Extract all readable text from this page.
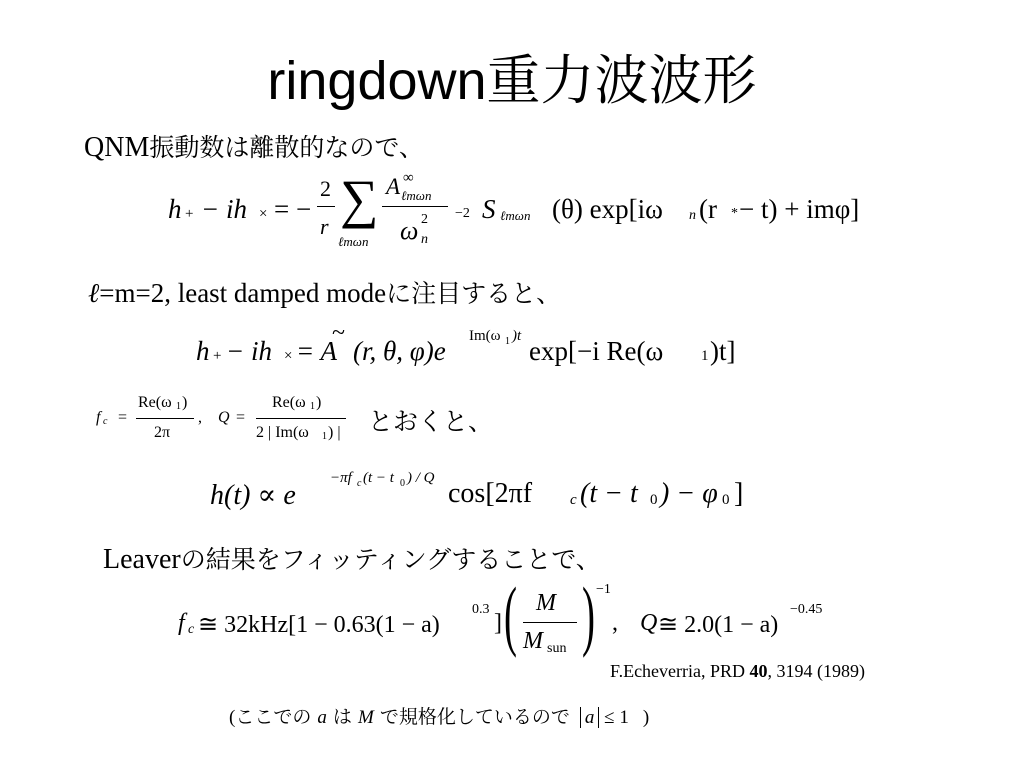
ringdown重力波波形
QNM振動数は離散的なので、
h + − ih × = −
2
r ∑
ℓmωn
A ∞
ℓmωn
ω 2
n
−2 S ℓmωn (θ) exp[iω n (r * − t) + imφ]
ℓ=m=2, least damped modeに注目すると、
h + − ih × = A
~
(r, θ, φ)e Im(ω 1 )t exp[−i Re(ω	1 )t]
f c =
Re(ω 1 )
2π
, Q =
Re(ω 1 )
2 | Im(ω 1 ) | とおくと、
h(t) ∝ e
−πf c (t − t 0 ) / Q cos[2πf	c (t − t 0 ) − φ 0 ]
Leaverの結果をフィッティングすることで、
f c ≅ 32kHz[1 − 0.63(1 − a)
0.3
] ( M
M sun ) −1
, Q ≅ 2.0(1 − a)
−0.45
F.Echeverria, PRD 40, 3194 (1989)
(ここでの a は M で規格化しているので a ≤ 1 )
